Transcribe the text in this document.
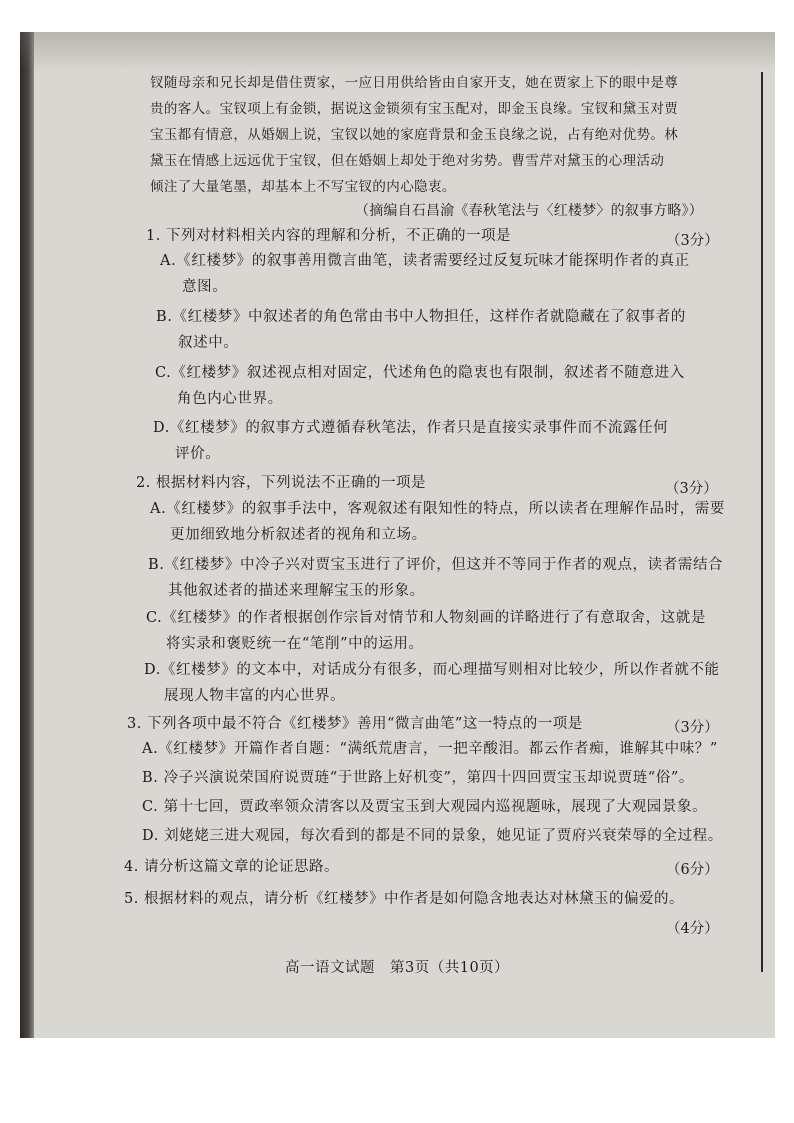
钗随母亲和兄长却是借住贾家，一应日用供给皆由自家开支，她在贾家上下的眼中是尊
贵的客人。宝钗项上有金锁，据说这金锁须有宝玉配对，即金玉良缘。宝钗和黛玉对贾
宝玉都有情意，从婚姻上说，宝钗以她的家庭背景和金玉良缘之说，占有绝对优势。林
黛玉在情感上远远优于宝钗，但在婚姻上却处于绝对劣势。曹雪芹对黛玉的心理活动
倾注了大量笔墨，却基本上不写宝钗的内心隐衷。
（摘编自石昌渝《春秋笔法与〈红楼梦〉的叙事方略》）
1. 下列对材料相关内容的理解和分析，不正确的一项是	（3分）
A.《红楼梦》的叙事善用微言曲笔，读者需要经过反复玩味才能探明作者的真正
意图。
B.《红楼梦》中叙述者的角色常由书中人物担任，这样作者就隐藏在了叙事者的
叙述中。
C.《红楼梦》叙述视点相对固定，代述角色的隐衷也有限制，叙述者不随意进入
角色内心世界。
D.《红楼梦》的叙事方式遵循春秋笔法，作者只是直接实录事件而不流露任何
评价。
2. 根据材料内容，下列说法不正确的一项是	（3分）
A.《红楼梦》的叙事手法中，客观叙述有限知性的特点，所以读者在理解作品时，需要
更加细致地分析叙述者的视角和立场。
B.《红楼梦》中冷子兴对贾宝玉进行了评价，但这并不等同于作者的观点，读者需结合
其他叙述者的描述来理解宝玉的形象。
C.《红楼梦》的作者根据创作宗旨对情节和人物刻画的详略进行了有意取舍，这就是
将实录和褒贬统一在“笔削”中的运用。
D.《红楼梦》的文本中，对话成分有很多，而心理描写则相对比较少，所以作者就不能
展现人物丰富的内心世界。
3. 下列各项中最不符合《红楼梦》善用“微言曲笔”这一特点的一项是	（3分）
A.《红楼梦》开篇作者自题：“满纸荒唐言，一把辛酸泪。都云作者痴，谁解其中味？”
B. 冷子兴演说荣国府说贾琏“于世路上好机变”，第四十四回贾宝玉却说贾琏“俗”。
C. 第十七回，贾政率领众清客以及贾宝玉到大观园内巡视题咏，展现了大观园景象。
D. 刘姥姥三进大观园，每次看到的都是不同的景象，她见证了贾府兴衰荣辱的全过程。
4. 请分析这篇文章的论证思路。	（6分）
5. 根据材料的观点，请分析《红楼梦》中作者是如何隐含地表达对林黛玉的偏爱的。
（4分）
高一语文试题　第3页（共10页）
